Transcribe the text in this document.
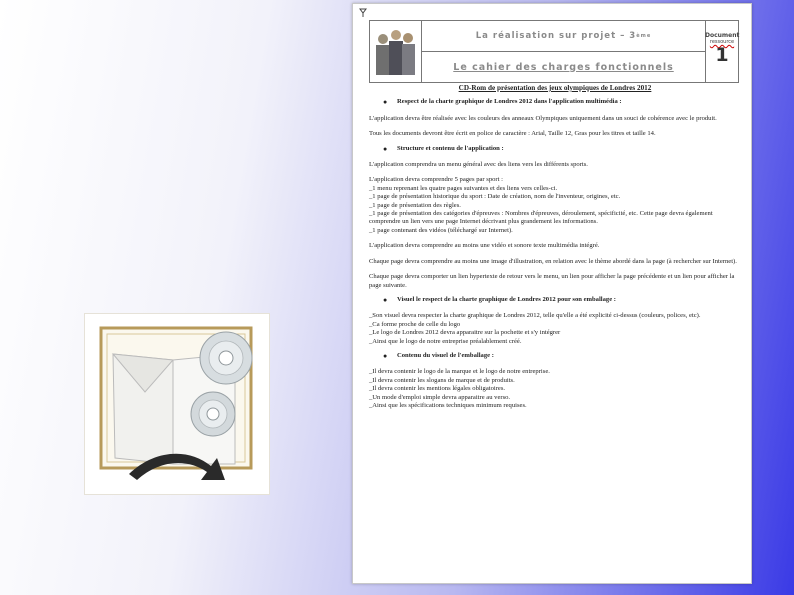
La réalisation sur projet – 3 ème
Le cahier des charges fonctionnels
Document
ressource
1

CD-Rom de présentation des jeux olympiques de Londres 2012

●	Respect de la charte graphique de Londres 2012 dans l'application multimédia :

L'application devra être réalisée avec les couleurs des anneaux Olympiques uniquement dans un souci de cohérence avec le produit.

Tous les documents devront être écrit en police de caractère : Arial, Taille 12, Gras pour les titres et taille 14.

●	Structure et contenu de l'application :

L'application comprendra un menu général avec des liens vers les différents sports.

L'application devra comprendre 5 pages par sport :

_1 menu reprenant les quatre pages suivantes et des liens vers celles-ci.

_1 page de présentation historique du sport : Date de création, nom de l'inventeur, origines, etc.

_1 page de présentation des règles.

_1 page de présentation des catégories d'épreuves : Nombres d'épreuves, déroulement, spécificité, etc. Cette page devra également comprendre un lien vers une page Internet décrivant plus grandement les informations.

_1 page contenant des vidéos (téléchargé sur Internet).

L'application devra comprendre au moins une vidéo et sonore texte multimédia intégré.

Chaque page devra comprendre au moins une image d'illustration, en relation avec le thème abordé dans la page (à rechercher sur Internet).

Chaque page devra comporter un lien hypertexte de retour vers le menu, un lien pour afficher la page précédente et un lien pour afficher la page suivante.

●	Visuel le respect de la charte graphique de Londres 2012 pour son emballage :

_Son visuel devra respecter la charte graphique de Londres 2012, telle qu'elle a été explicité ci-dessus (couleurs, polices, etc).

_Ca forme proche de celle du logo

_Le logo de Londres 2012 devra apparaitre sur la pochette et s'y intégrer

_Ainsi que le logo de notre entreprise préalablement créé.

●	Contenu du visuel de l'emballage :

_Il devra contenir le logo de la marque et le logo de notre entreprise.

_Il devra contenir les slogans de marque et de produits.

_Il devra contenir les mentions légales obligatoires.

_Un mode d'emploi simple devra apparaitre au verso.

_Ainsi que les spécifications techniques minimum requises.
